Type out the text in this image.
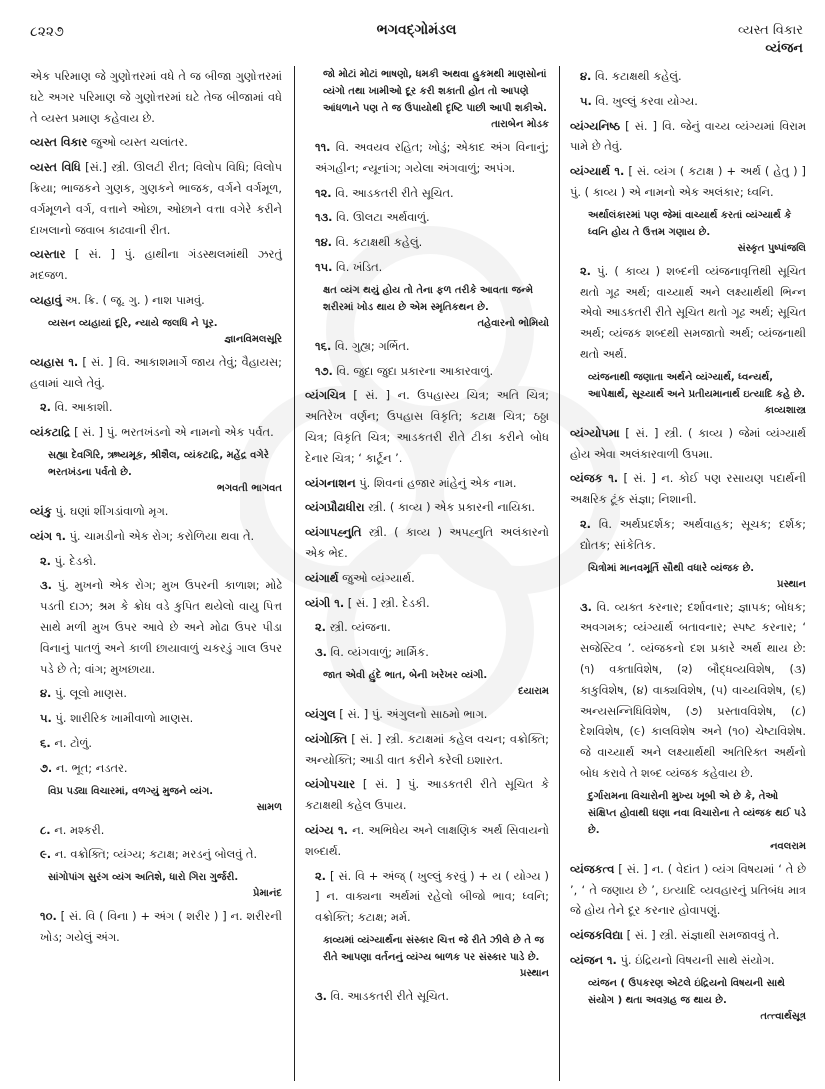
૮૨૨૭	ભગવદ્ગોમંડલ	વ્યસ્ત વિકાર
વ્યંજન
એક પરિમાણ જે ગુણોત્તરમાં વધે તે જ બીજા ગુણોત્તરમાં ઘટે અગર પરિમાણ જે ગુણોત્તરમાં ઘટે તેજ બીજામાં વધે તે વ્યસ્ત પ્રમાણ કહેવાય છે.
વ્યસ્ત વિકાર જુઓ વ્યસ્ત ચલાંતર.
વ્યસ્ત વિધિ [સં.] સ્ત્રી. ઊલટી રીત; વિલોપ વિધિ; વિલોપ ક્રિયા; ભાજકને ગુણક, ગુણકને ભાજક, વર્ગને વર્ગમૂળ, વર્ગમૂળને વર્ગ, વત્તાને ઓછા, ઓછાને વત્તા વગેરે કરીને દાખલાનો જવાબ કાઢવાની રીત.
વ્યસ્તાર [ સં. ] પું. હાથીના ગંડસ્થલમાંથી ઝરતું મદજળ.
વ્યહાવું અ. ક્રિ. ( જૂ. ગુ. ) નાશ પામવું.
વ્યસન વ્યહાયાં દૂરિ, ન્યાયે જલધિ ને પૂર.
જ્ઞાનવિમલસૂરિ
વ્યહાસ ૧. [ સં. ] વિ. આકાશમાર્ગે જાય તેવું; વૈહાયસ; હવામાં ચાલે તેવું.
૨. વિ. આકાશી.
વ્યંકટાદ્રિ [ સં. ] પું. ભરતખંડનો એ નામનો એક પર્વત.
સહ્યા દેવગિરિ, ઋષ્યમૂક, શ્રીશૈલ, વ્યંકટાદ્રિ, મહેંદ્ર વગેરે ભરતખંડના પર્વતો છે.
ભગવતી ભાગવત
વ્યંકુ પું. ઘણાં શીંગડાંવાળો મૃગ.
વ્યંગ ૧. પું. ચામડીનો એક રોગ; કરોળિયા થવા તે.
૨. પું. દેડકો.
૩. પું. મુખનો એક રોગ; મુખ ઉપરની કાળાશ; મોઢે પડતી દાઝ; શ્રમ કે ક્રોધ વડે કુપિત થયેલો વાયુ પિત્ત સાથે મળી મુખ ઉપર આવે છે અને મોઢા ઉપર પીડા વિનાનું પાતળું અને કાળી છાયાવાળું ચકરડું ગાલ ઉપર પડે છે તે; વાંગ; મુખછાયા.
૪. પું. લૂલો માણસ.
૫. પું. શારીરિક ખામીવાળો માણસ.
૬. ન. ટોળું.
૭. ન. ભૂત; નડતર.
વિપ્ર પડ્યા વિચારમાં, વળગ્યું મુજને વ્યંગ.
સામળ
૮. ન. મશ્કરી.
૯. ન. વક્રોક્તિ; વ્યંગ્ય; કટાક્ષ; મરડનું બોલવું તે.
સાંગોપાંગ સુરંગ વ્યંગ અતિશે, ધારો ગિરા ગુર્જરી.
પ્રેમાનંદ
૧૦. [ સં. વિ ( વિના ) + અંગ ( શરીર ) ] ન. શરીરની ખોડ; ગયેલું અંગ.
જો મોટાં મોટાં ભાષણો, ધમકી અથવા હુકમથી માણસોનાં વ્યંગો તથા ખામીઓ દૂર કરી શકાતી હોત તો આપણે આંધળાને પણ તે જ ઉપાયોથી દૃષ્ટિ પાછી આપી શકીએ.
તારાબેન મોડક
૧૧. વિ. અવયવ રહિત; ખોડું; એકાદ અંગ વિનાનું; અંગહીન; ન્યૂનાંગ; ગયેલા અંગવાળું; અપંગ.
૧૨. વિ. આડકતરી રીતે સૂચિત.
૧૩. વિ. ઊલટા અર્થવાળું.
૧૪. વિ. કટાક્ષથી કહેલું.
૧૫. વિ. ખંડિત.
ક્ષત વ્યંગ થયું હોય તો તેના ફળ તરીકે આવતા જન્મે શરીરમાં ખોડ થાય છે એમ સ્મૃતિકથન છે.
તહેવારનો ભોમિયો
૧૬. વિ. ગુહ્ય; ગર્ભિત.
૧૭. વિ. જુદા જુદા પ્રકારના આકારવાળું.
વ્યંગચિત્ર [ સં. ] ન. ઉપહાસ્ય ચિત્ર; અતિ ચિત્ર; અતિરેખ વર્ણન; ઉપહાસ વિકૃતિ; કટાક્ષ ચિત્ર; ઠઠ્ઠા ચિત્ર; વિકૃતિ ચિત્ર; આડકતરી રીતે ટીકા કરીને બોધ દેનાર ચિત્ર; ‘ કાર્ટૂન ’.
વ્યંગનાશન પું. શિવનાં હજાર માંહેનું એક નામ.
વ્યંગપ્રૌઢાધીરા સ્ત્રી. ( કાવ્ય ) એક પ્રકારની નાયિકા.
વ્યંગાપહ્નુતિ સ્ત્રી. ( કાવ્ય ) અપહ્નુતિ અલંકારનો એક ભેદ.
વ્યંગાર્થ જુઓ વ્યંગ્યાર્થ.
વ્યંગી ૧. [ સં. ] સ્ત્રી. દેડકી.
૨. સ્ત્રી. વ્યંજના.
૩. વિ. વ્યંગવાળું; માર્મિક.
જાત એવી હુંદે ભાત, બેની ખરેખર વ્યંગી.
દયારામ
વ્યંગુલ [ સં. ] પું. અંગુલનો સાઠમો ભાગ.
વ્યંગોક્તિ [ સં. ] સ્ત્રી. કટાક્ષમાં કહેલ વચન; વક્રોક્તિ; અન્યોક્તિ; આડી વાત કરીને કરેલી ઇશારત.
વ્યંગોપચાર [ સં. ] પું. આડકતરી રીતે સૂચિત કે કટાક્ષથી કહેલ ઉપાય.
વ્યંગ્ય ૧. ન. અભિધેય અને લાક્ષણિક અર્થ સિવાયનો શબ્દાર્થ.
૨. [ સં. વિ + અંજ્ ( ખુલ્લું કરવું ) + ય ( યોગ્ય ) ] ન. વાક્યના અર્થમાં રહેલો બીજો ભાવ; ધ્વનિ; વક્રોક્તિ; કટાક્ષ; મર્મ.
કાવ્યમાં વ્યંગ્યાર્થના સંસ્કાર ચિત્ત જે રીતે ઝીલે છે તે જ રીતે આપણા વર્તનનું વ્યંગ્ય બાળક પર સંસ્કાર પાડે છે.
પ્રસ્થાન
૩. વિ. આડકતરી રીતે સૂચિત.
૪. વિ. કટાક્ષથી કહેલું.
૫. વિ. ખુલ્લું કરવા યોગ્ય.
વ્યંગ્યનિષ્ઠ [ સં. ] વિ. જેનું વાચ્ય વ્યંગ્યમાં વિરામ પામે છે તેવું.
વ્યંગ્યાર્થ ૧. [ સં. વ્યંગ ( કટાક્ષ ) + અર્થ ( હેતુ ) ] પું. ( કાવ્ય ) એ નામનો એક અલંકાર; ધ્વનિ.
અર્થાલંકારમાં પણ જેમાં વાચ્યાર્થ કરતાં વ્યંગ્યાર્થ કે ધ્વનિ હોય તે ઉત્તમ ગણાય છે.
સંસ્કૃત પુષ્પાંજલિ
૨. પું. ( કાવ્ય ) શબ્દની વ્યંજનાવૃત્તિથી સૂચિત થતો ગૂઢ અર્થ; વાચ્યાર્થ અને લક્ષ્યાર્થથી ભિન્ન એવો આડકતરી રીતે સૂચિત થતો ગૂઢ અર્થ; સૂચિત અર્થ; વ્યંજક શબ્દથી સમજાતો અર્થ; વ્યંજનાથી થતો અર્થ.
વ્યંજનાથી જણાતા અર્થને વ્યંગ્યાર્થ, ધ્વન્યર્થ, આપેક્ષાર્થ, સૂચ્યાર્થ અને પ્રતીયમાનાર્થ ઇત્યાદિ કહે છે.
કાવ્યશાસ્ત્ર
વ્યંગ્યોપમા [ સં. ] સ્ત્રી. ( કાવ્ય ) જેમાં વ્યંગ્યાર્થ હોય એવા અલંકારવાળી ઉપમા.
વ્યંજક ૧. [ સં. ] ન. કોઈ પણ રસાયણ પદાર્થની અક્ષરિક ટૂંક સંજ્ઞા; નિશાની.
૨. વિ. અર્થપ્રદર્શક; અર્થવાહક; સૂચક; દર્શક; દ્યોતક; સાંકેતિક.
ચિત્રોમાં માનવમૂર્તિ સૌથી વધારે વ્યંજક છે.
પ્રસ્થાન
૩. વિ. વ્યક્ત કરનાર; દર્શાવનાર; જ્ઞાપક; બોધક; અવગમક; વ્યંગ્યાર્થ બતાવનાર; સ્પષ્ટ કરનાર; ‘ સજેસ્ટિવ ’. વ્યંજકનો દશ પ્રકારે અર્થ થાય છે: (૧) વક્તાવિશેષ, (૨) બૌદ્ધવ્યવિશેષ, (૩) કાકુવિશેષ, (૪) વાક્યવિશેષ, (૫) વાચ્યવિશેષ, (૬) અન્યસન્નિધિવિશેષ, (૭) પ્રસ્તાવવિશેષ, (૮) દેશવિશેષ, (૯) કાલવિશેષ અને (૧૦) ચેષ્ટાવિશેષ. જે વાચ્યાર્થ અને લક્ષ્યાર્થથી અતિરિક્ત અર્થનો બોધ કરાવે તે શબ્દ વ્યંજક કહેવાય છે.
દુર્ગારામના વિચારોની મુખ્ય ખૂબી એ છે કે, તેઓ સંક્ષિપ્ત હોવાથી ઘણા નવા વિચારોના તે વ્યંજક થઈ પડે છે.
નવલરામ
વ્યંજકત્વ [ સં. ] ન. ( વેદાંત ) વ્યંગ વિષયમાં ‘ તે છે ’, ‘ તે જણાય છે ’, ઇત્યાદિ વ્યવહારનું પ્રતિબંધ માત્ર જે હોય તેને દૂર કરનાર હોવાપણું.
વ્યંજકવિદ્યા [ સં. ] સ્ત્રી. સંજ્ઞાથી સમજાવવું તે.
વ્યંજન ૧. પું. ઇંદ્રિયનો વિષયની સાથે સંયોગ.
વ્યંજન ( ઉપકરણ એટલે ઇંદ્રિયનો વિષયની સાથે સંયોગ ) થતા અવગ્રહ જ થાય છે.
તત્ત્વાર્થસૂત્ર
